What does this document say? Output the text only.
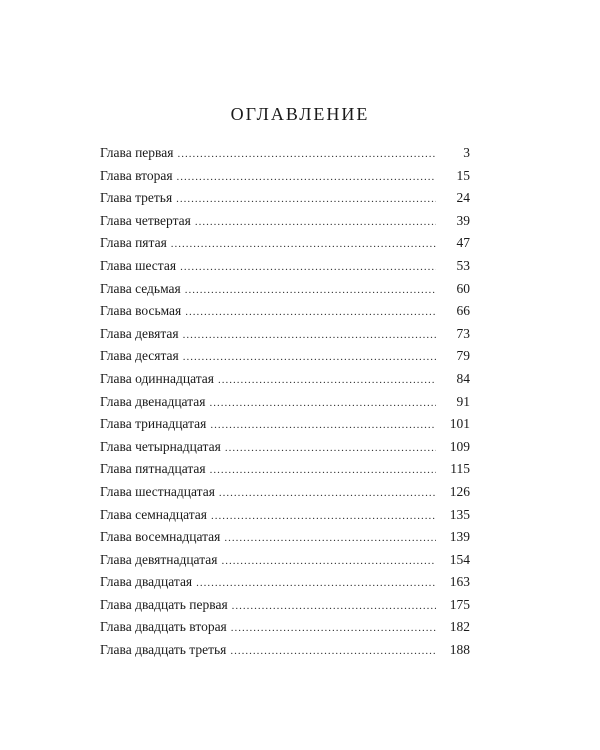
ОГЛАВЛЕНИЕ
Глава первая .....	3
Глава вторая .....	15
Глава третья .....	24
Глава четвертая .....	39
Глава пятая .....	47
Глава шестая .....	53
Глава седьмая .....	60
Глава восьмая .....	66
Глава девятая .....	73
Глава десятая .....	79
Глава одиннадцатая .....	84
Глава двенадцатая .....	91
Глава тринадцатая .....	101
Глава четырнадцатая .....	109
Глава пятнадцатая .....	115
Глава шестнадцатая .....	126
Глава семнадцатая .....	135
Глава восемнадцатая .....	139
Глава девятнадцатая .....	154
Глава двадцатая .....	163
Глава двадцать первая .....	175
Глава двадцать вторая .....	182
Глава двадцать третья .....	188
